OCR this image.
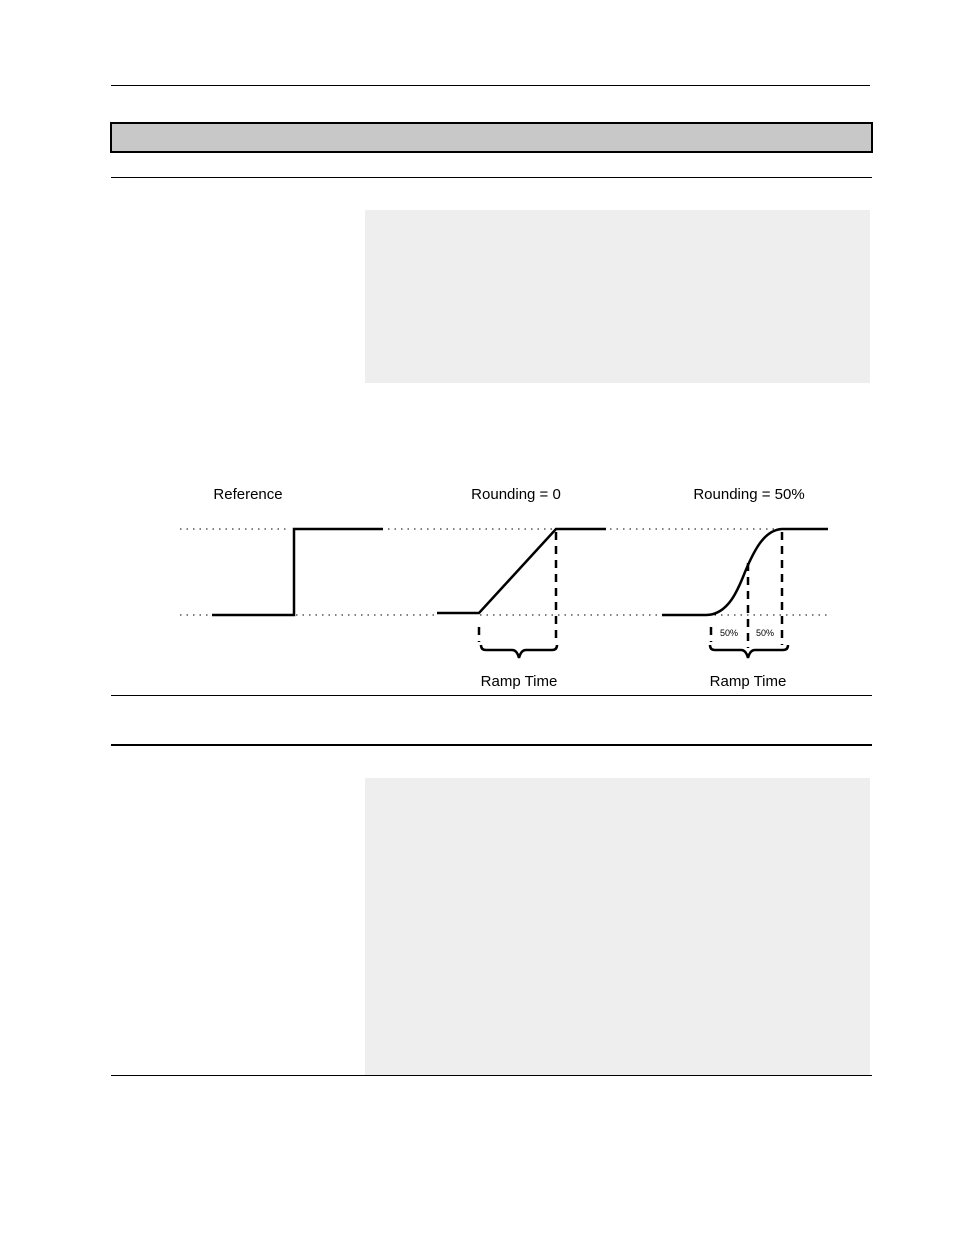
Reference	Rounding = 0	Rounding = 50%
Ramp Time
50% 50%
Ramp Time
